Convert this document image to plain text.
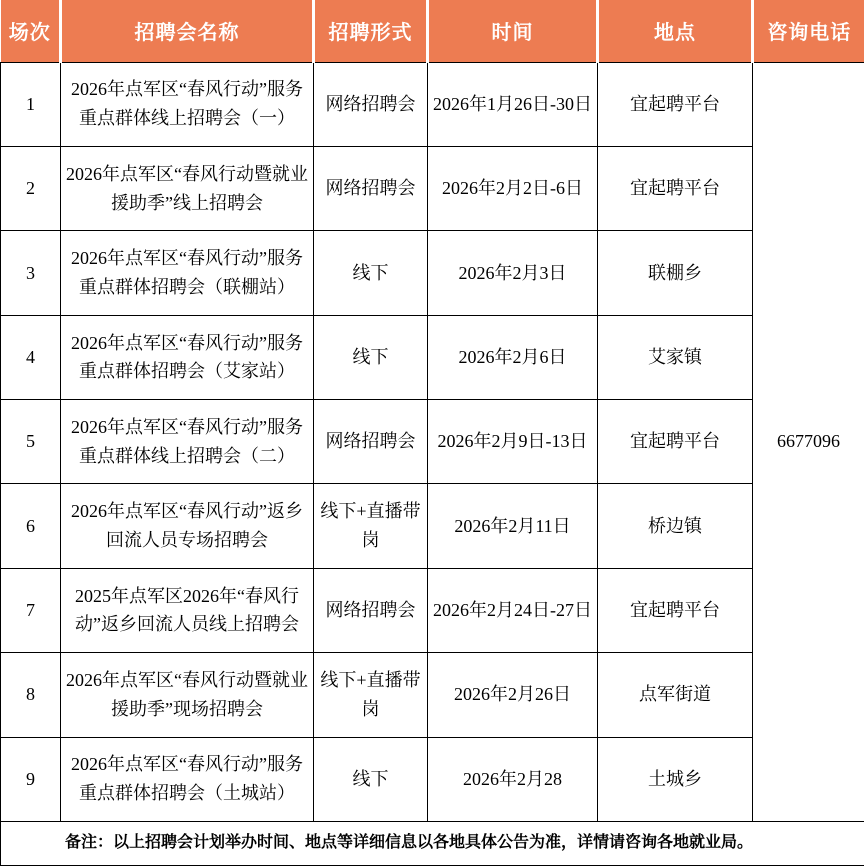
场次	招聘会名称	招聘形式	时间	地点	咨询电话
1	2026年点军区“春风行动”服务重点群体线上招聘会（一）	网络招聘会	2026年1月26日-30日	宜起聘平台	6677096
2	2026年点军区“春风行动暨就业援助季”线上招聘会	网络招聘会	2026年2月2日-6日	宜起聘平台	
3	2026年点军区“春风行动”服务重点群体招聘会（联棚站）	线下	2026年2月3日	联棚乡	
4	2026年点军区“春风行动”服务重点群体招聘会（艾家站）	线下	2026年2月6日	艾家镇	
5	2026年点军区“春风行动”服务重点群体线上招聘会（二）	网络招聘会	2026年2月9日-13日	宜起聘平台	
6	2026年点军区“春风行动”返乡回流人员专场招聘会	线下+直播带岗	2026年2月11日	桥边镇	
7	2025年点军区2026年“春风行动”返乡回流人员线上招聘会	网络招聘会	2026年2月24日-27日	宜起聘平台	
8	2026年点军区“春风行动暨就业援助季”现场招聘会	线下+直播带岗	2026年2月26日	点军街道	
9	2026年点军区“春风行动”服务重点群体招聘会（土城站）	线下	2026年2月28	土城乡	
备注：以上招聘会计划举办时间、地点等详细信息以各地具体公告为准，详情请咨询各地就业局。					
